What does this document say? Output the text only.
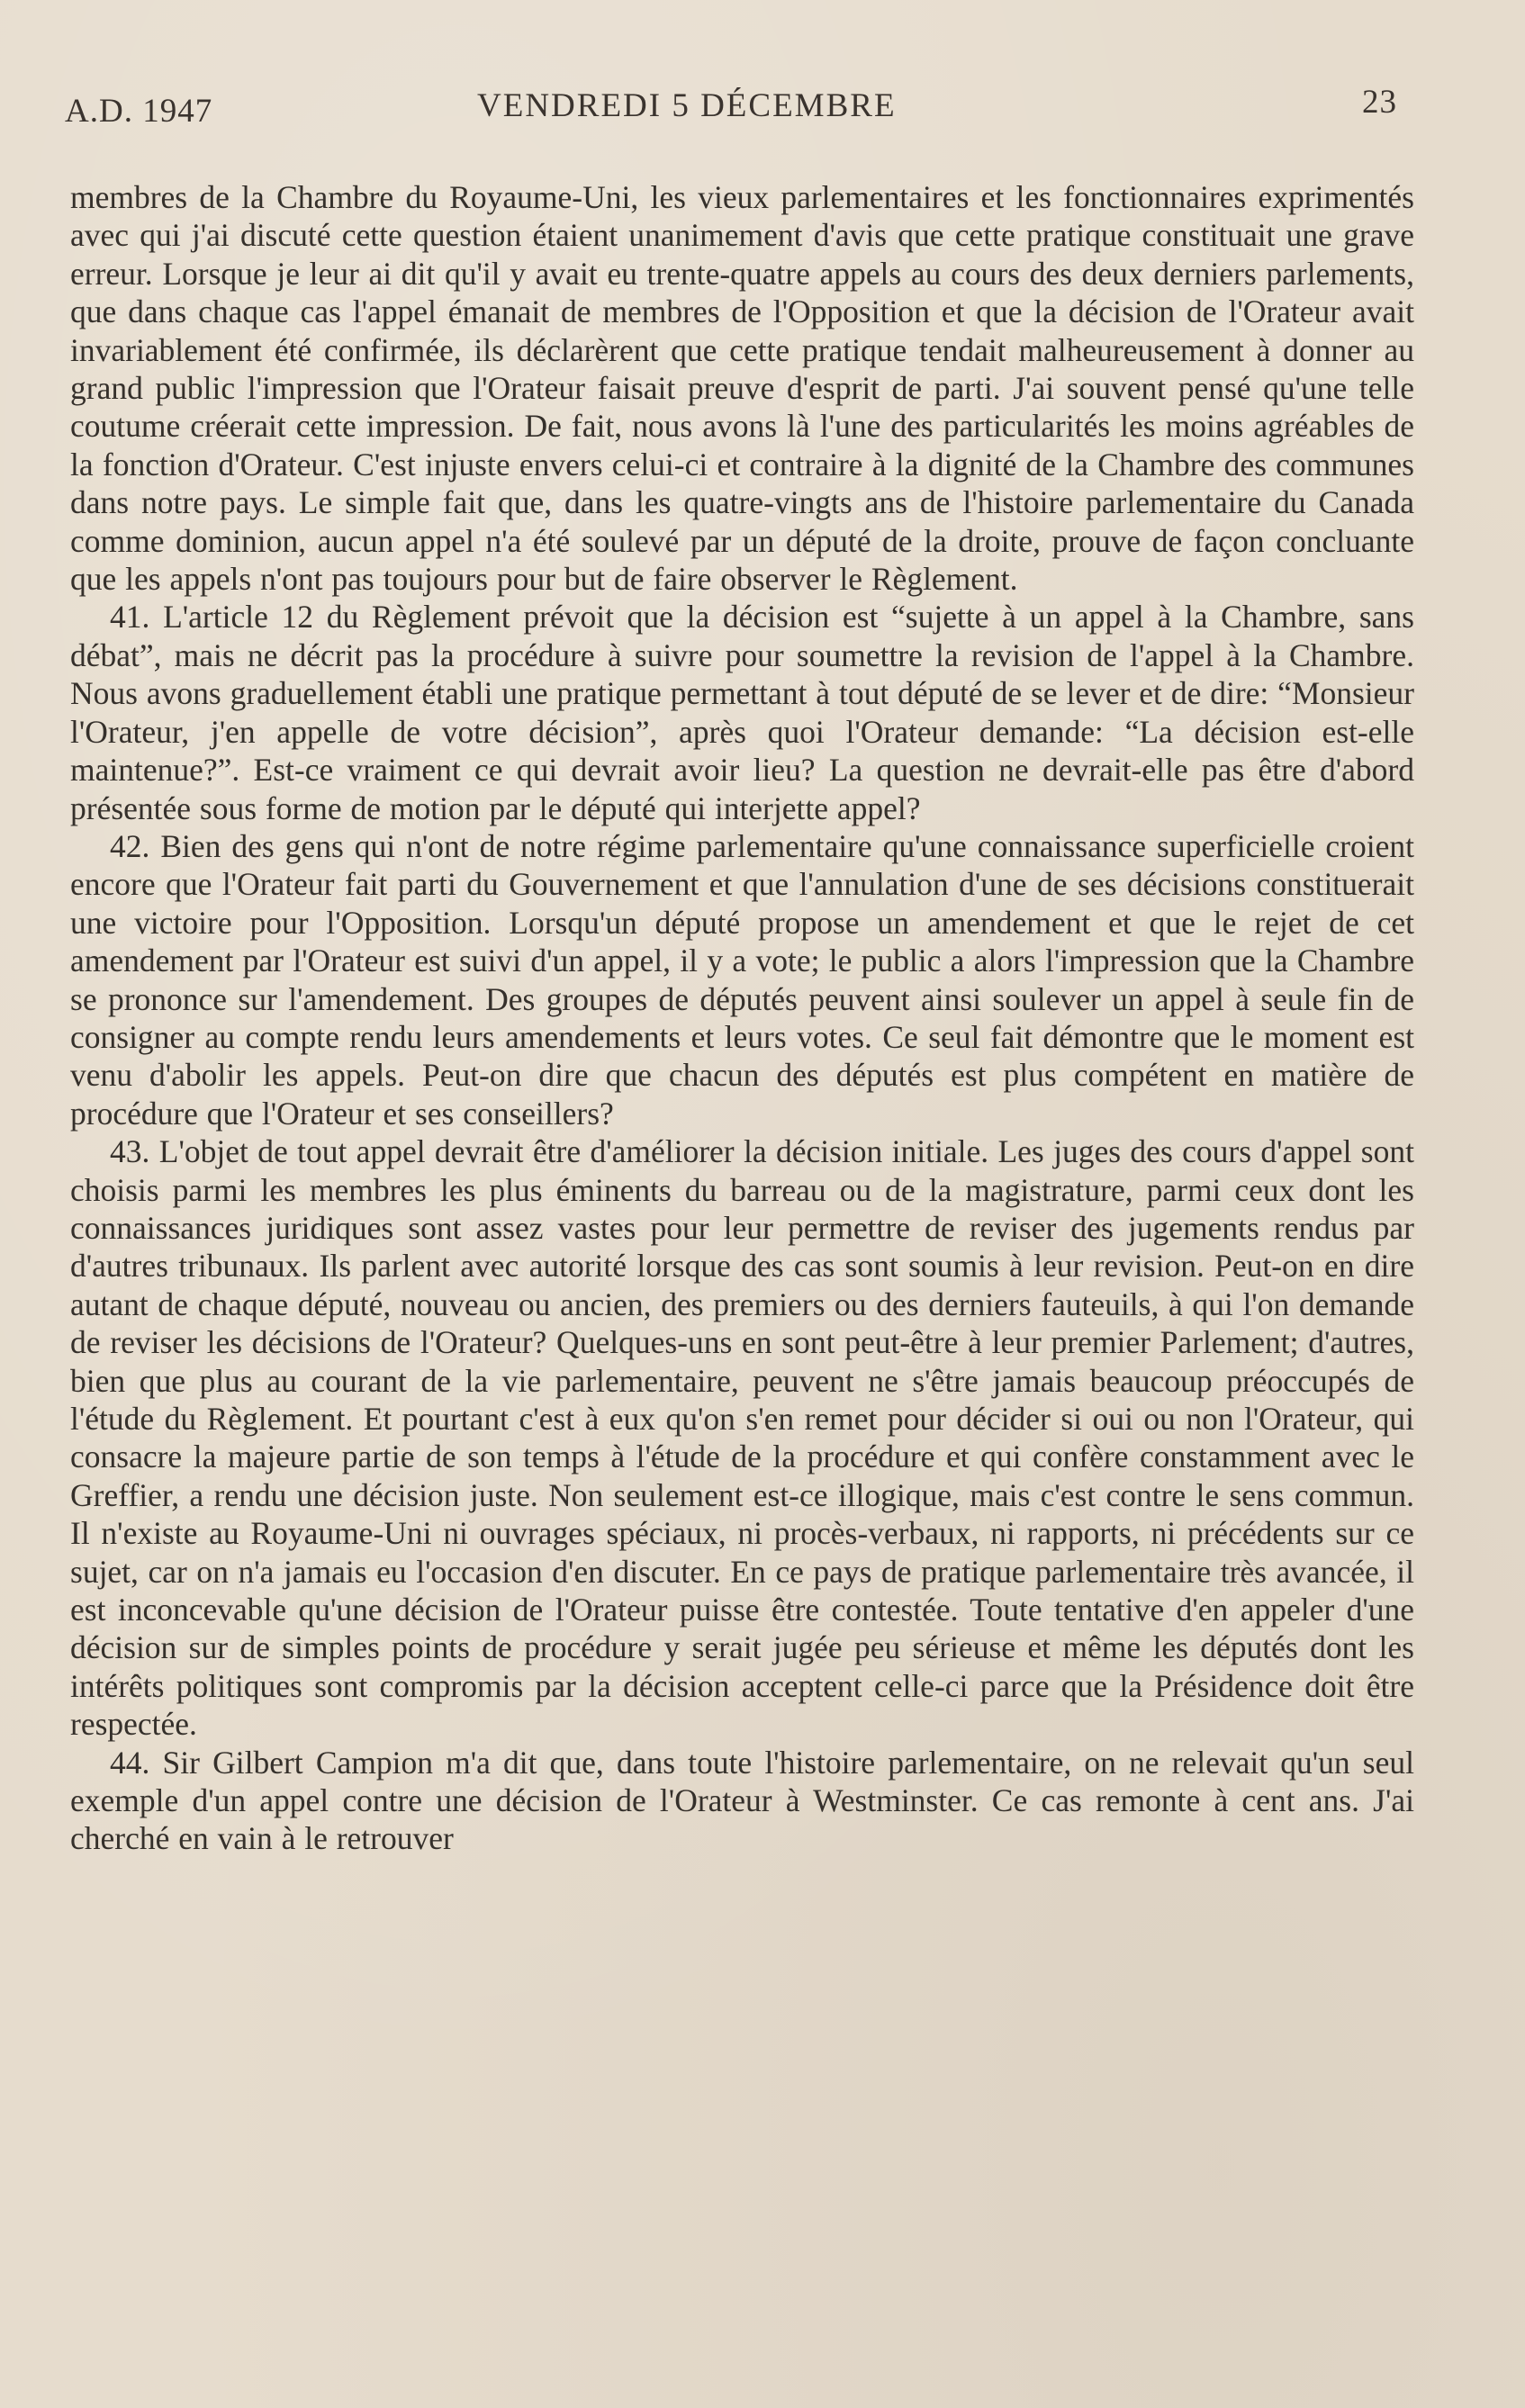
A.D. 1947	VENDREDI 5 DÉCEMBRE	23

membres de la Chambre du Royaume-Uni, les vieux parlementaires et les fonctionnaires exprimentés avec qui j'ai discuté cette question étaient unanimement d'avis que cette pratique constituait une grave erreur. Lorsque je leur ai dit qu'il y avait eu trente-quatre appels au cours des deux derniers parlements, que dans chaque cas l'appel émanait de membres de l'Opposition et que la décision de l'Orateur avait invariablement été confirmée, ils déclarèrent que cette pratique tendait malheureusement à donner au grand public l'impression que l'Orateur faisait preuve d'esprit de parti. J'ai souvent pensé qu'une telle coutume créerait cette impression. De fait, nous avons là l'une des particularités les moins agréables de la fonction d'Orateur. C'est injuste envers celui-ci et contraire à la dignité de la Chambre des communes dans notre pays. Le simple fait que, dans les quatre-vingts ans de l'histoire parlementaire du Canada comme dominion, aucun appel n'a été soulevé par un député de la droite, prouve de façon concluante que les appels n'ont pas toujours pour but de faire observer le Règlement.

41. L'article 12 du Règlement prévoit que la décision est “sujette à un appel à la Chambre, sans débat”, mais ne décrit pas la procédure à suivre pour soumettre la revision de l'appel à la Chambre. Nous avons graduellement établi une pratique permettant à tout député de se lever et de dire: “Monsieur l'Orateur, j'en appelle de votre décision”, après quoi l'Orateur demande: “La décision est-elle maintenue?”. Est-ce vraiment ce qui devrait avoir lieu? La question ne devrait-elle pas être d'abord présentée sous forme de motion par le député qui interjette appel?

42. Bien des gens qui n'ont de notre régime parlementaire qu'une connaissance superficielle croient encore que l'Orateur fait parti du Gouvernement et que l'annulation d'une de ses décisions constituerait une victoire pour l'Opposition. Lorsqu'un député propose un amendement et que le rejet de cet amendement par l'Orateur est suivi d'un appel, il y a vote; le public a alors l'impression que la Chambre se prononce sur l'amendement. Des groupes de députés peuvent ainsi soulever un appel à seule fin de consigner au compte rendu leurs amendements et leurs votes. Ce seul fait démontre que le moment est venu d'abolir les appels. Peut-on dire que chacun des députés est plus compétent en matière de procédure que l'Orateur et ses conseillers?

43. L'objet de tout appel devrait être d'améliorer la décision initiale. Les juges des cours d'appel sont choisis parmi les membres les plus éminents du barreau ou de la magistrature, parmi ceux dont les connaissances juridiques sont assez vastes pour leur permettre de reviser des jugements rendus par d'autres tribunaux. Ils parlent avec autorité lorsque des cas sont soumis à leur revision. Peut-on en dire autant de chaque député, nouveau ou ancien, des premiers ou des derniers fauteuils, à qui l'on demande de reviser les décisions de l'Orateur? Quelques-uns en sont peut-être à leur premier Parlement; d'autres, bien que plus au courant de la vie parlementaire, peuvent ne s'être jamais beaucoup préoccupés de l'étude du Règlement. Et pourtant c'est à eux qu'on s'en remet pour décider si oui ou non l'Orateur, qui consacre la majeure partie de son temps à l'étude de la procédure et qui confère constamment avec le Greffier, a rendu une décision juste. Non seulement est-ce illogique, mais c'est contre le sens commun. Il n'existe au Royaume-Uni ni ouvrages spéciaux, ni procès-verbaux, ni rapports, ni précédents sur ce sujet, car on n'a jamais eu l'occasion d'en discuter. En ce pays de pratique parlementaire très avancée, il est inconcevable qu'une décision de l'Orateur puisse être contestée. Toute tentative d'en appeler d'une décision sur de simples points de procédure y serait jugée peu sérieuse et même les députés dont les intérêts politiques sont compromis par la décision acceptent celle-ci parce que la Présidence doit être respectée.

44. Sir Gilbert Campion m'a dit que, dans toute l'histoire parlementaire, on ne relevait qu'un seul exemple d'un appel contre une décision de l'Orateur à Westminster. Ce cas remonte à cent ans. J'ai cherché en vain à le retrouver
